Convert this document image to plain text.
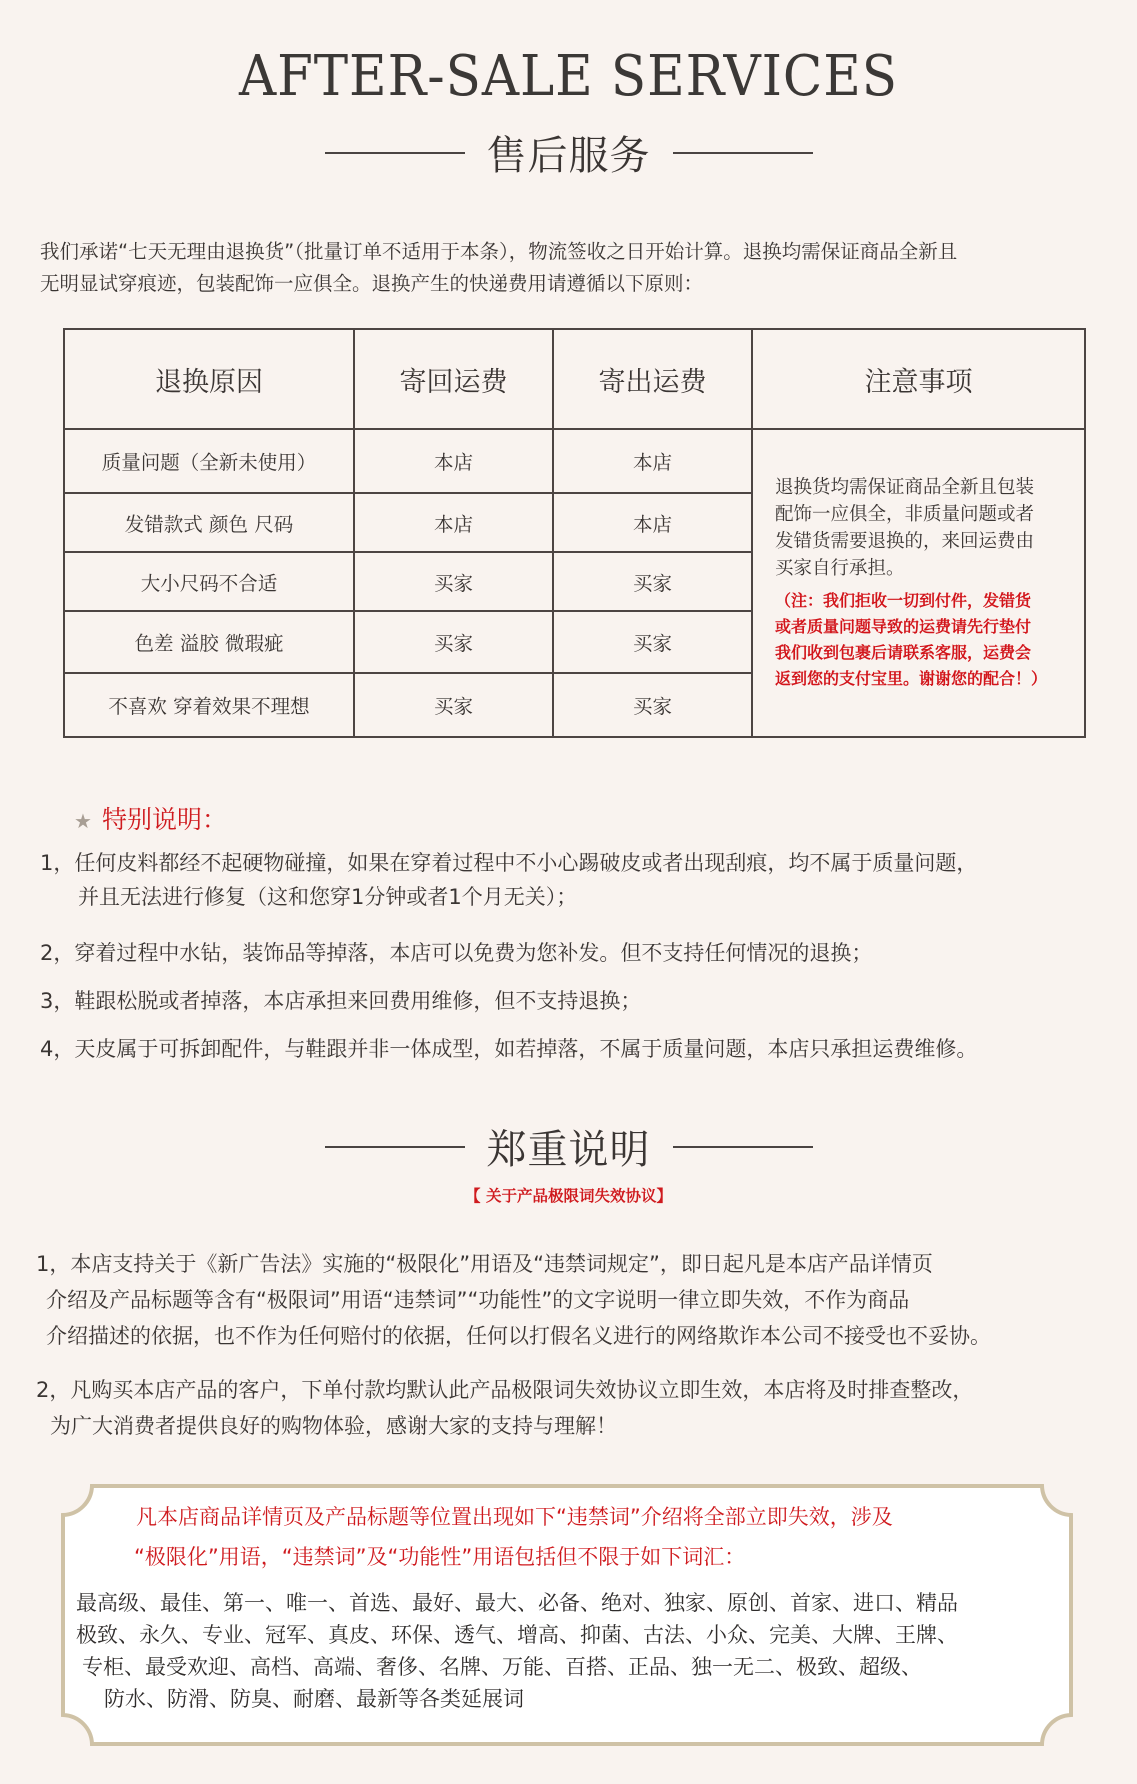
AFTER-SALE SERVICES
售后服务
我们承诺“七天无理由退换货”（批量订单不适用于本条），物流签收之日开始计算。退换均需保证商品全新且
无明显试穿痕迹，包装配饰一应俱全。退换产生的快递费用请遵循以下原则：
退换原因	寄回运费	寄出运费	注意事项
质量问题（全新未使用）	本店	本店	
退换货均需保证商品全新且包装
配饰一应俱全，非质量问题或者
发错货需要退换的，来回运费由
买家自行承担。
（注：我们拒收一切到付件，发错货
或者质量问题导致的运费请先行垫付
我们收到包裹后请联系客服，运费会
返到您的支付宝里。谢谢您的配合！）

发错款式 颜色 尺码	本店	本店	
大小尺码不合适	买家	买家	
色差 溢胶 微瑕疵	买家	买家	
不喜欢 穿着效果不理想	买家	买家	
★ 特别说明：
1，任何皮料都经不起硬物碰撞，如果在穿着过程中不小心踢破皮或者出现刮痕，均不属于质量问题，
并且无法进行修复（这和您穿1分钟或者1个月无关）；
2，穿着过程中水钻，装饰品等掉落，本店可以免费为您补发。但不支持任何情况的退换；
3，鞋跟松脱或者掉落，本店承担来回费用维修，但不支持退换；
4，天皮属于可拆卸配件，与鞋跟并非一体成型，如若掉落，不属于质量问题，本店只承担运费维修。
郑重说明
【 关于产品极限词失效协议】
1，本店支持关于《新广告法》实施的“极限化”用语及“违禁词规定”，即日起凡是本店产品详情页
介绍及产品标题等含有“极限词”用语“违禁词”“功能性”的文字说明一律立即失效，不作为商品
介绍描述的依据，也不作为任何赔付的依据，任何以打假名义进行的网络欺诈本公司不接受也不妥协。
2，凡购买本店产品的客户，下单付款均默认此产品极限词失效协议立即生效，本店将及时排查整改，
为广大消费者提供良好的购物体验，感谢大家的支持与理解！
凡本店商品详情页及产品标题等位置出现如下“违禁词”介绍将全部立即失效，涉及
“极限化”用语，“违禁词”及“功能性”用语包括但不限于如下词汇：
最高级、最佳、第一、唯一、首选、最好、最大、必备、绝对、独家、原创、首家、进口、精品
极致、永久、专业、冠军、真皮、环保、透气、增高、抑菌、古法、小众、完美、大牌、王牌、
专柜、最受欢迎、高档、高端、奢侈、名牌、万能、百搭、正品、独一无二、极致、超级、
防水、防滑、防臭、耐磨、最新等各类延展词
